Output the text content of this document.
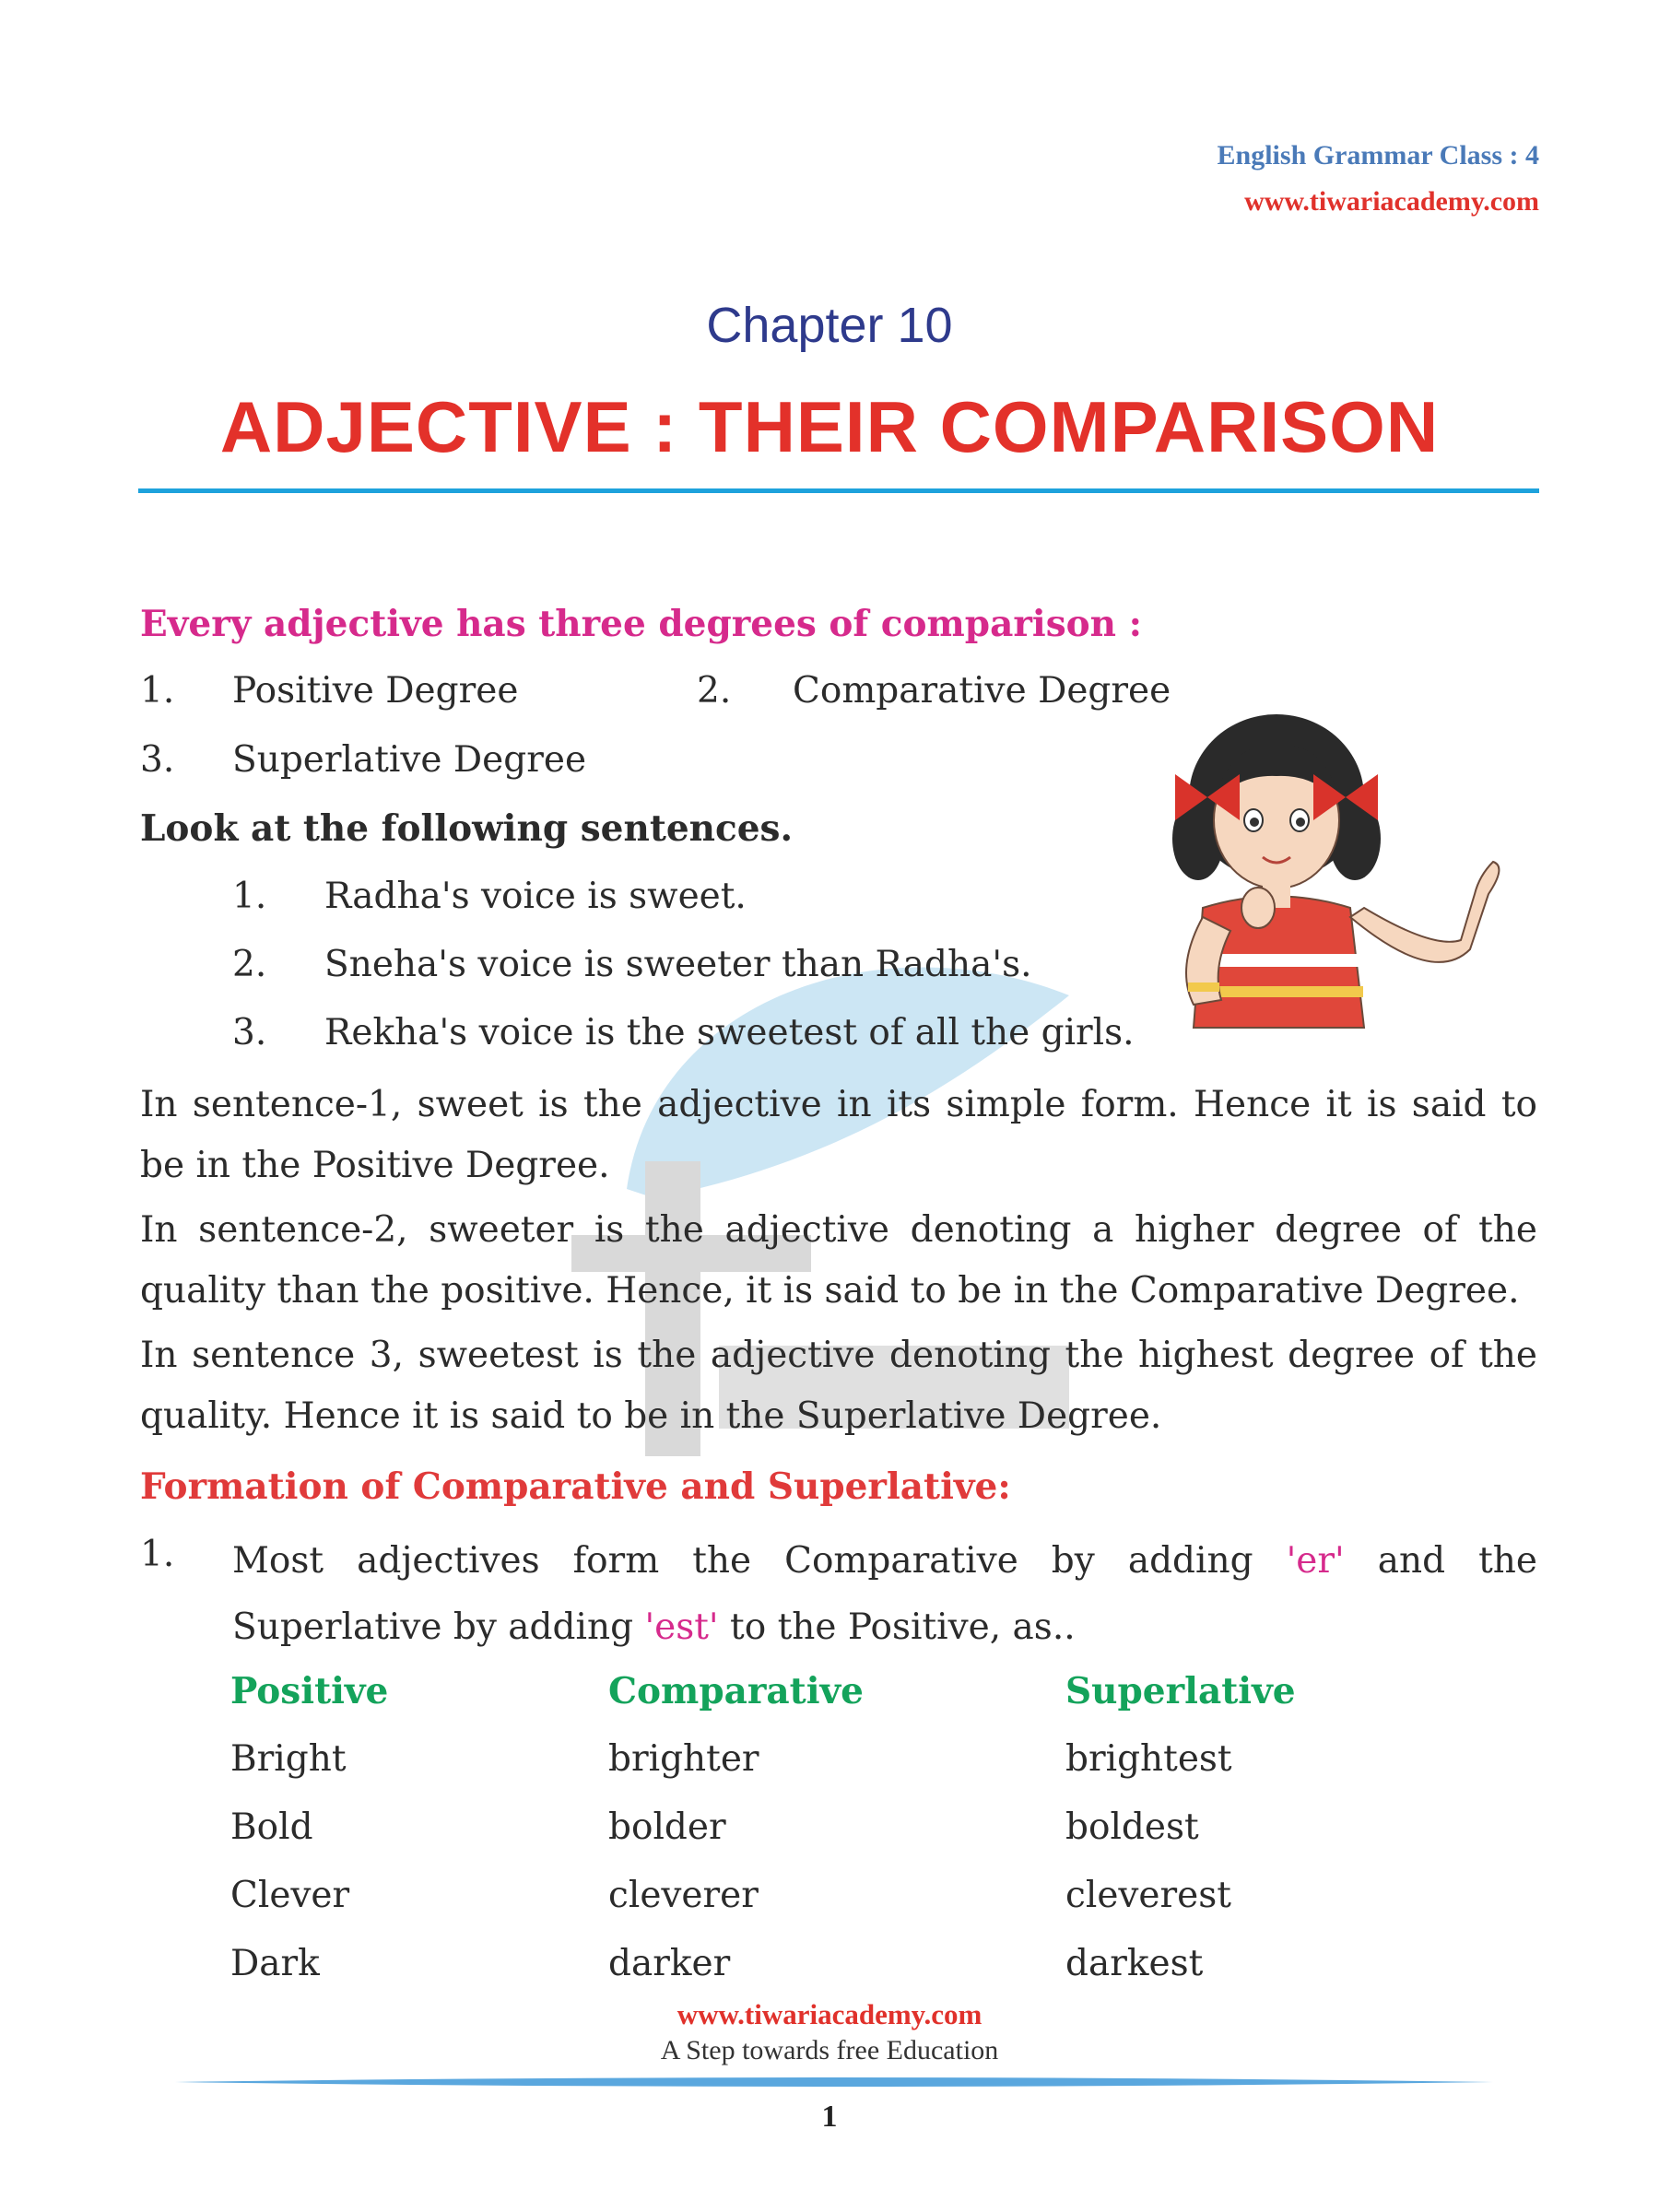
English Grammar Class : 4
www.tiwariacademy.com
Chapter 10
ADJECTIVE : THEIR COMPARISON
Every adjective has three degrees of comparison :
1. Positive Degree	2. Comparative Degree
3. Superlative Degree
Look at the following sentences.
1. Radha's voice is sweet.
2. Sneha's voice is sweeter than Radha's.
3. Rekha's voice is the sweetest of all the girls.
In sentence-1, sweet is the adjective in its simple form. Hence it is said to be in the Positive Degree.
In sentence-2, sweeter is the adjective denoting a higher degree of the quality than the positive. Hence, it is said to be in the Comparative Degree.
In sentence 3, sweetest is the adjective denoting the highest degree of the quality. Hence it is said to be in the Superlative Degree.
Formation of Comparative and Superlative:
1. Most adjectives form the Comparative by adding 'er' and the Superlative by adding 'est' to the Positive, as..
Positive	Comparative	Superlative
Bright	brighter	brightest
Bold	bolder	boldest
Clever	cleverer	cleverest
Dark	darker	darkest
www.tiwariacademy.com
A Step towards free Education
1
